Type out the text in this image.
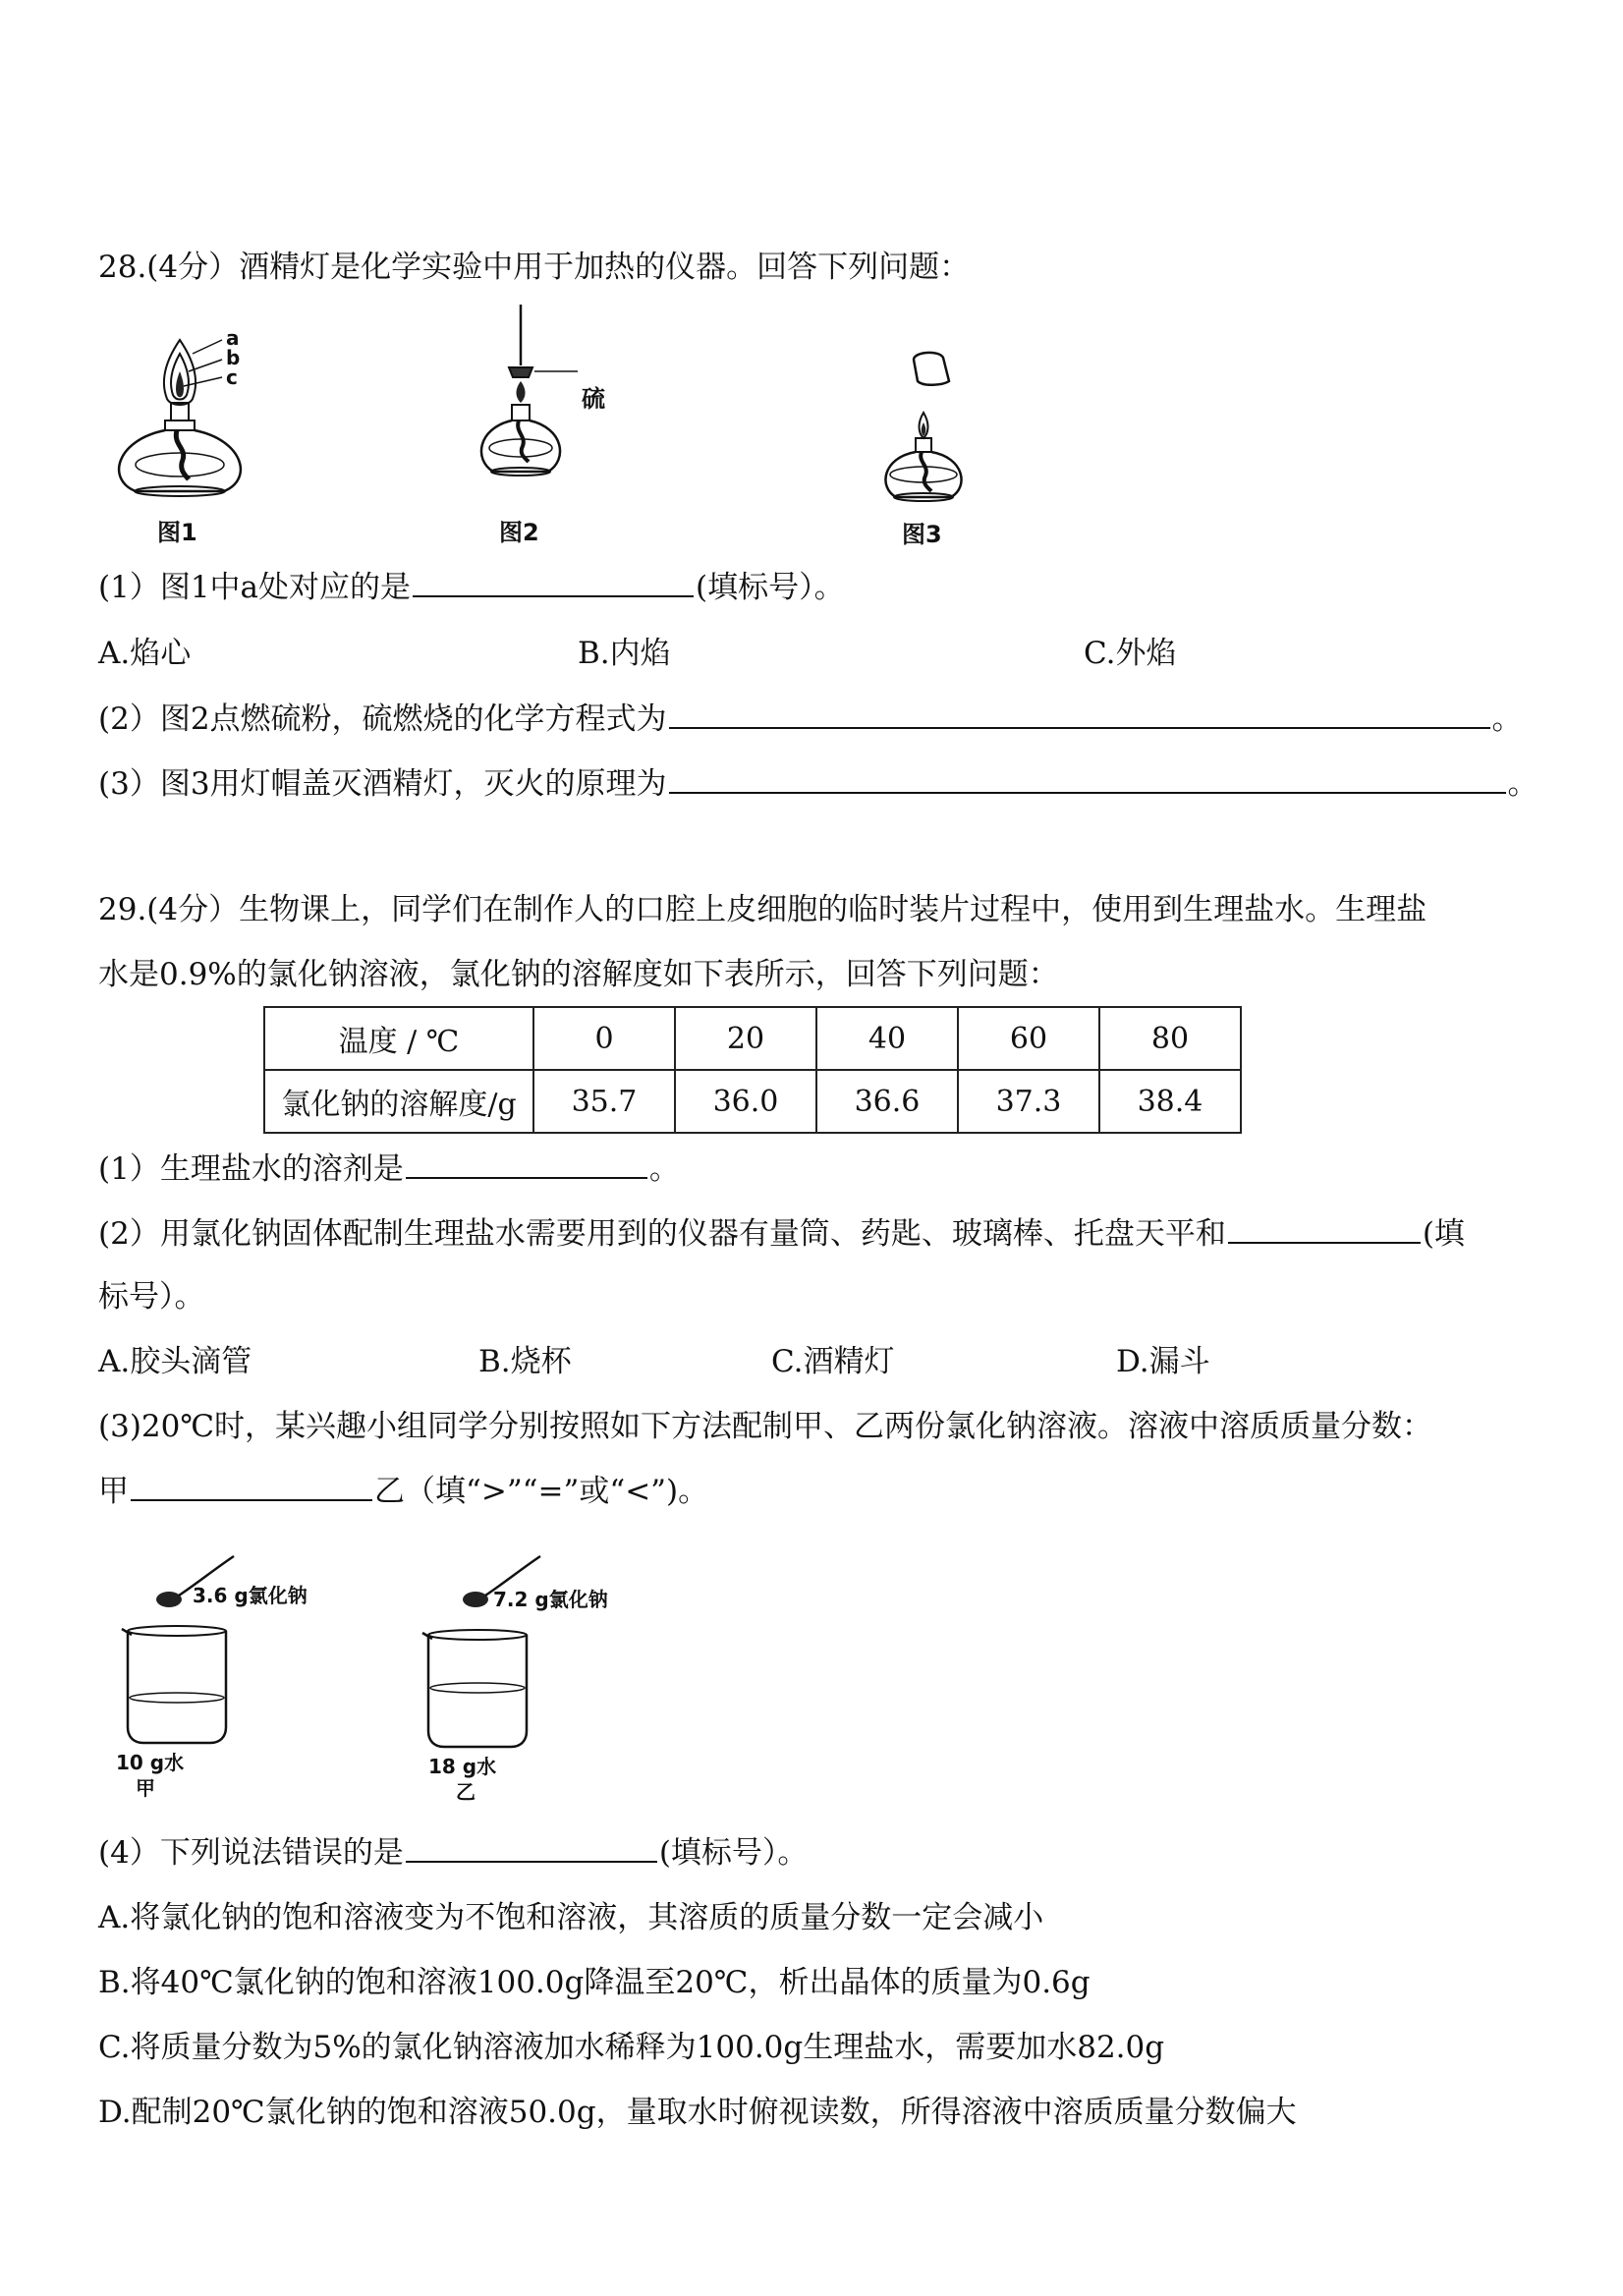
28.(4分）酒精灯是化学实验中用于加热的仪器。回答下列问题：
a
b
c
图1
硫
图2	图3
(1）图1中a处对应的是	(填标号）。
A.焰心	B.内焰	C.外焰
(2）图2点燃硫粉，硫燃烧的化学方程式为	。
(3）图3用灯帽盖灭酒精灯，灭火的原理为	。
29.(4分）生物课上，同学们在制作人的口腔上皮细胞的临时装片过程中，使用到生理盐水。生理盐
水是0.9%的氯化钠溶液，氯化钠的溶解度如下表所示，回答下列问题：
温度 / ℃	0	20	40	60	80
氯化钠的溶解度/g	35.7	36.0	36.6	37.3	38.4
(1）生理盐水的溶剂是	。
(2）用氯化钠固体配制生理盐水需要用到的仪器有量筒、药匙、玻璃棒、托盘天平和	(填
标号）。
A.胶头滴管	B.烧杯	C.酒精灯	D.漏斗
(3)20℃时，某兴趣小组同学分别按照如下方法配制甲、乙两份氯化钠溶液。溶液中溶质质量分数：
甲	乙（填“>”“=”或“<”)。
3.6 g氯化钠
10 g水
甲
7.2 g氯化钠
18 g水
乙
(4）下列说法错误的是	(填标号）。
A.将氯化钠的饱和溶液变为不饱和溶液，其溶质的质量分数一定会减小
B.将40℃氯化钠的饱和溶液100.0g降温至20℃，析出晶体的质量为0.6g
C.将质量分数为5%的氯化钠溶液加水稀释为100.0g生理盐水，需要加水82.0g
D.配制20℃氯化钠的饱和溶液50.0g，量取水时俯视读数，所得溶液中溶质质量分数偏大
